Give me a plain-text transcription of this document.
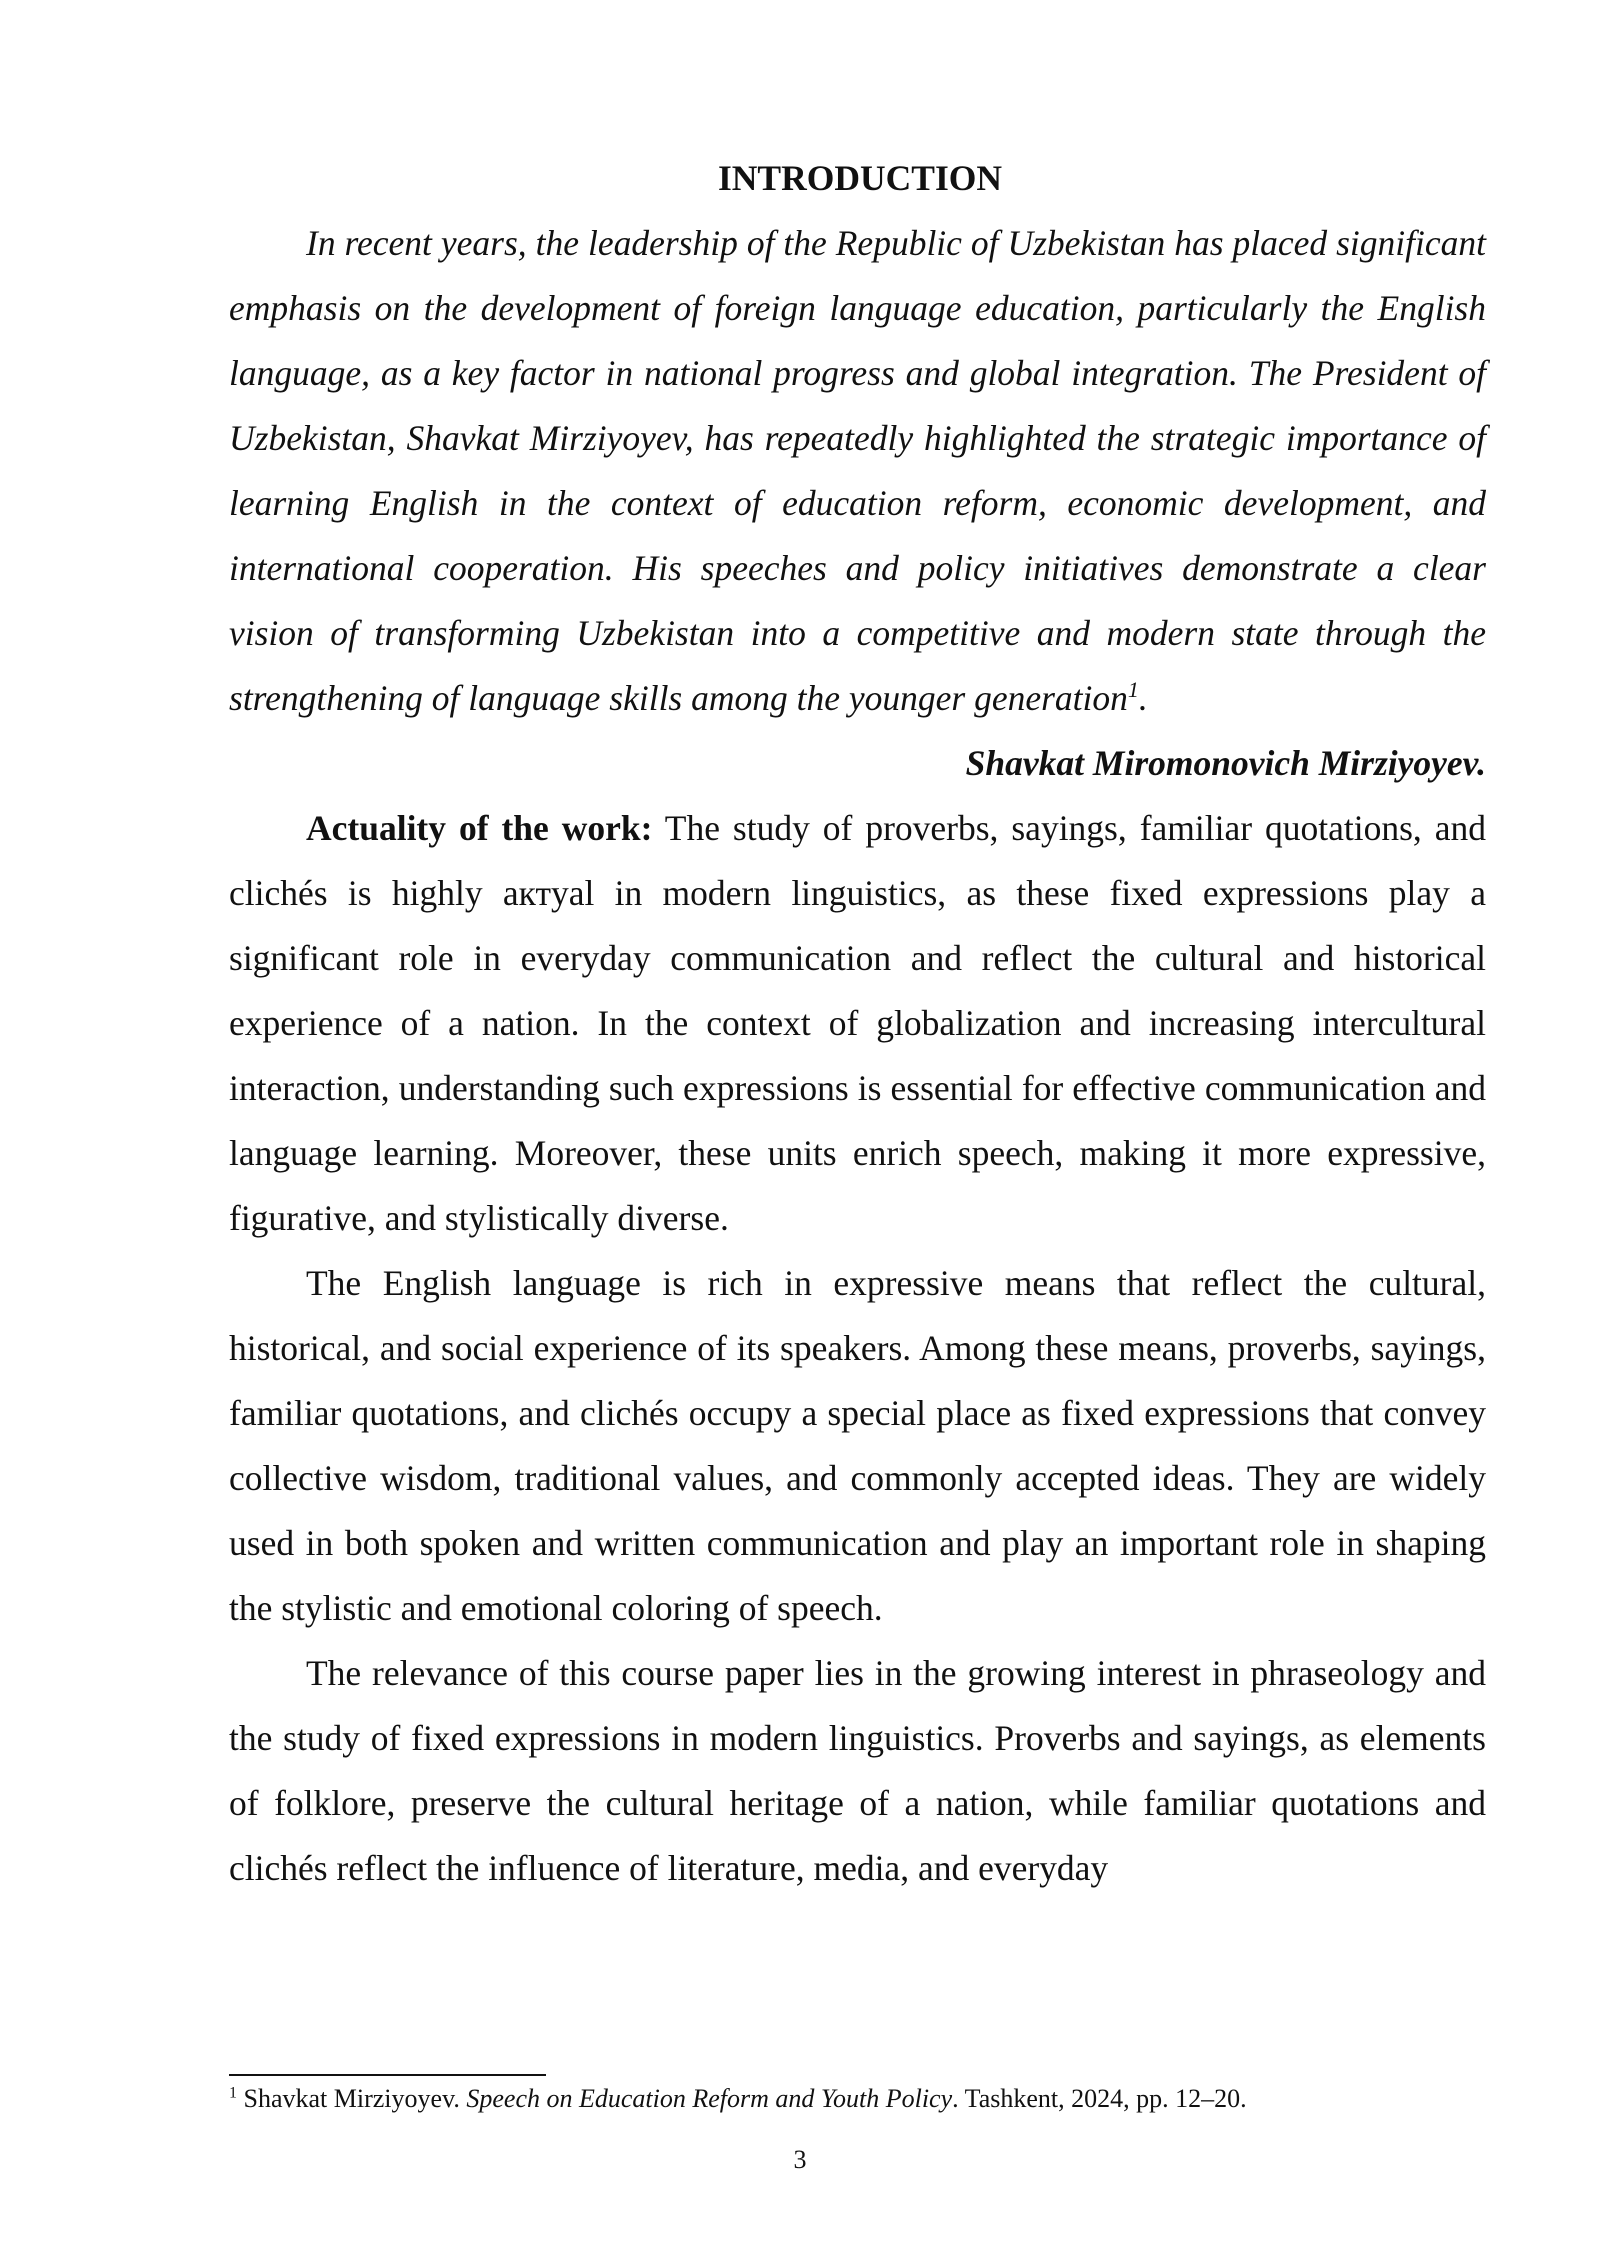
INTRODUCTION

In recent years, the leadership of the Republic of Uzbekistan has placed significant emphasis on the development of foreign language education, particularly the English language, as a key factor in national progress and global integration. The President of Uzbekistan, Shavkat Mirziyoyev, has repeatedly highlighted the strategic importance of learning English in the context of education reform, economic development, and international cooperation. His speeches and policy initiatives demonstrate a clear vision of transforming Uzbekistan into a competitive and modern state through the strengthening of language skills among the younger generation$^1$.

Shavkat Miromonovich Mirziyoyev.

Actuality of the work: The study of proverbs, sayings, familiar quotations, and clichés is highly актyal in modern linguistics, as these fixed expressions play a significant role in everyday communication and reflect the cultural and historical experience of a nation. In the context of globalization and increasing intercultural interaction, understanding such expressions is essential for effective communication and language learning. Moreover, these units enrich speech, making it more expressive, figurative, and stylistically diverse.

The English language is rich in expressive means that reflect the cultural, historical, and social experience of its speakers. Among these means, proverbs, sayings, familiar quotations, and clichés occupy a special place as fixed expressions that convey collective wisdom, traditional values, and commonly accepted ideas. They are widely used in both spoken and written communication and play an important role in shaping the stylistic and emotional coloring of speech.

The relevance of this course paper lies in the growing interest in phraseology and the study of fixed expressions in modern linguistics. Proverbs and sayings, as elements of folklore, preserve the cultural heritage of a nation, while familiar quotations and clichés reflect the influence of literature, media, and everyday

$^1$ Shavkat Mirziyoyev. Speech on Education Reform and Youth Policy. Tashkent, 2024, pp. 12–20.

3
